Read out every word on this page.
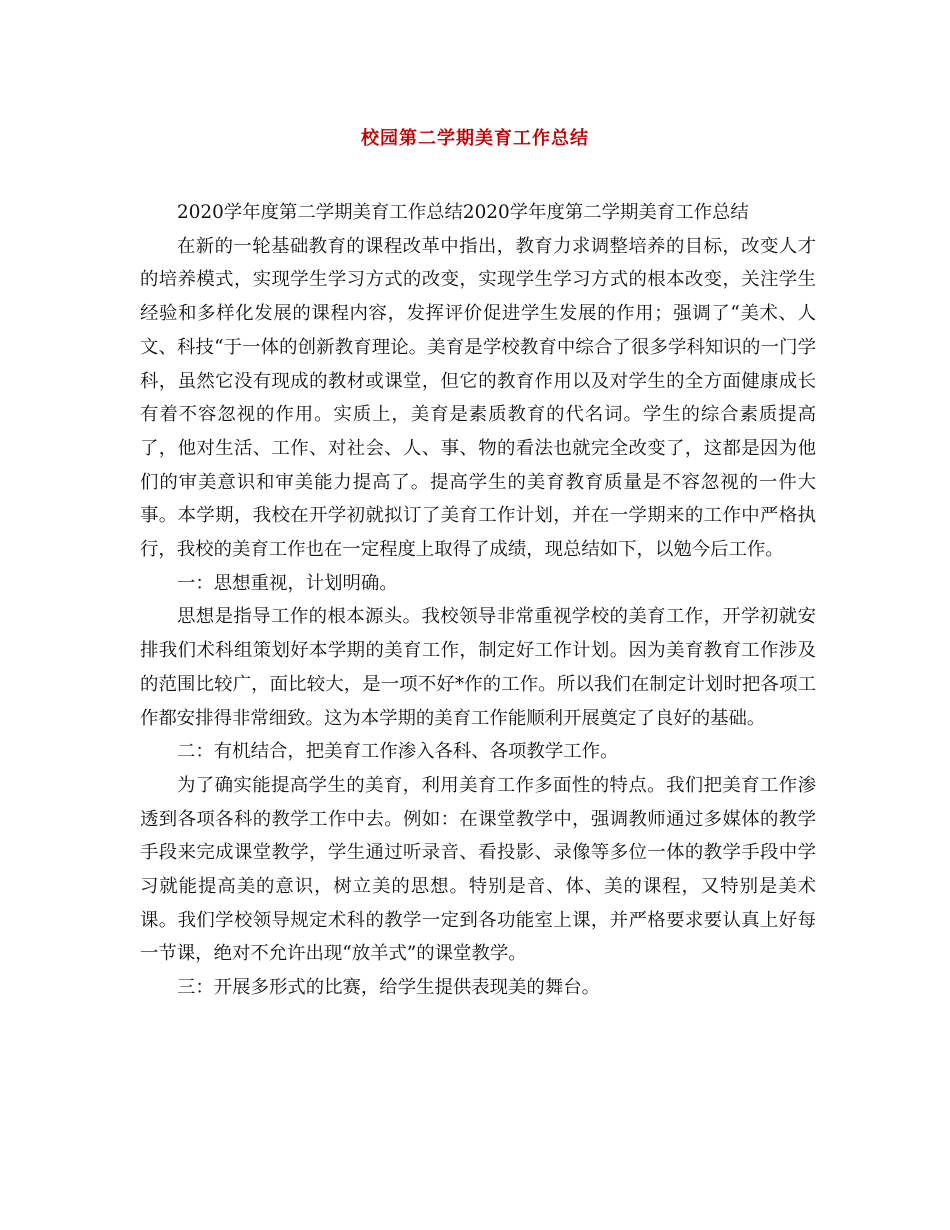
校园第二学期美育工作总结

2020学年度第二学期美育工作总结2020学年度第二学期美育工作总结

在新的一轮基础教育的课程改革中指出，教育力求调整培养的目标，改变人才的培养模式，实现学生学习方式的改变，实现学生学习方式的根本改变，关注学生经验和多样化发展的课程内容，发挥评价促进学生发展的作用；强调了“美术、人文、科技“于一体的创新教育理论。美育是学校教育中综合了很多学科知识的一门学科，虽然它没有现成的教材或课堂，但它的教育作用以及对学生的全方面健康成长有着不容忽视的作用。实质上，美育是素质教育的代名词。学生的综合素质提高了，他对生活、工作、对社会、人、事、物的看法也就完全改变了，这都是因为他们的审美意识和审美能力提高了。提高学生的美育教育质量是不容忽视的一件大事。本学期，我校在开学初就拟订了美育工作计划，并在一学期来的工作中严格执行，我校的美育工作也在一定程度上取得了成绩，现总结如下，以勉今后工作。

一：思想重视，计划明确。

思想是指导工作的根本源头。我校领导非常重视学校的美育工作，开学初就安排我们术科组策划好本学期的美育工作，制定好工作计划。因为美育教育工作涉及的范围比较广，面比较大，是一项不好*作的工作。所以我们在制定计划时把各项工作都安排得非常细致。这为本学期的美育工作能顺利开展奠定了良好的基础。

二：有机结合，把美育工作渗入各科、各项教学工作。

为了确实能提高学生的美育，利用美育工作多面性的特点。我们把美育工作渗透到各项各科的教学工作中去。例如：在课堂教学中，强调教师通过多媒体的教学手段来完成课堂教学，学生通过听录音、看投影、录像等多位一体的教学手段中学习就能提高美的意识，树立美的思想。特别是音、体、美的课程，又特别是美术课。我们学校领导规定术科的教学一定到各功能室上课，并严格要求要认真上好每一节课，绝对不允许出现“放羊式”的课堂教学。

三：开展多形式的比赛，给学生提供表现美的舞台。
